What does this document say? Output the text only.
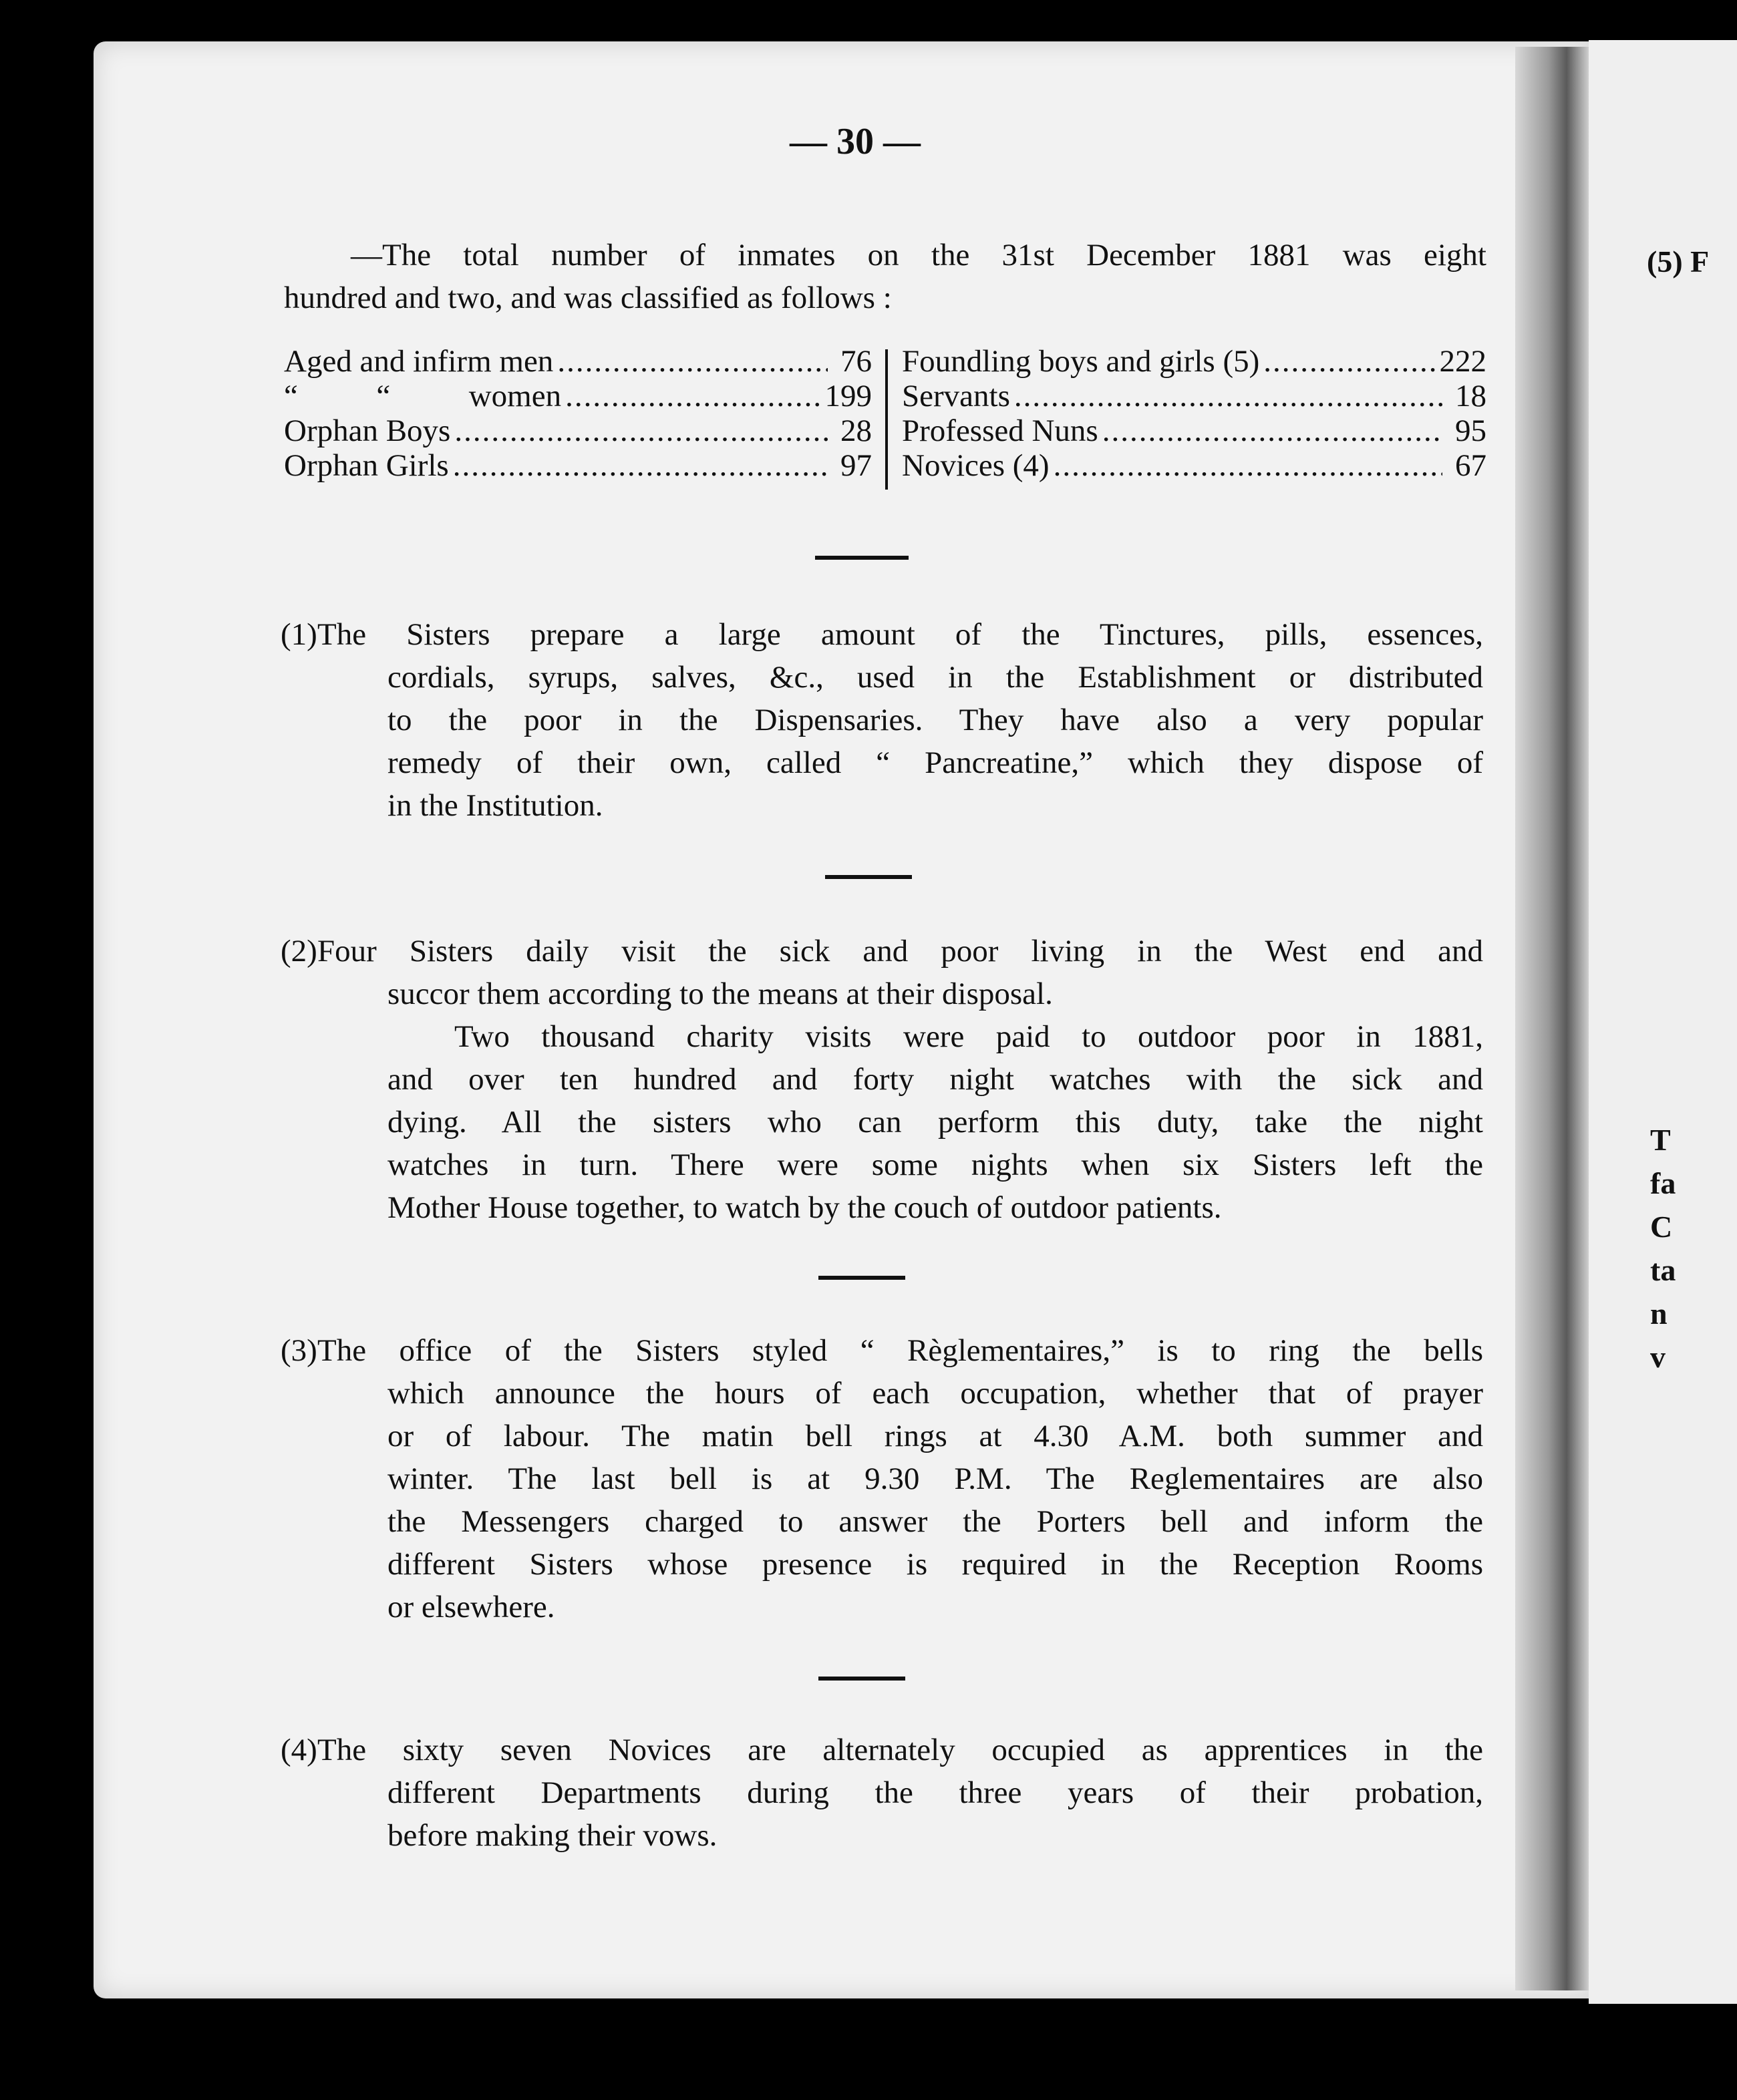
(5) F
T
fa
C
ta
n
v
— 30 —
—The total number of inmates on the 31st December 1881 was eight
hundred and two, and was classified as follows :
Aged and infirm men .....	76
“          “          women .....	199
Orphan Boys .....	28
Orphan Girls .....	97
Foundling boys and girls (5) .....	222
Servants .....	18
Professed Nuns .....	95
Novices (4) .....	67
(1) The Sisters prepare a large amount of the Tinctures, pills, essences,
cordials, syrups, salves, &c., used in the Establishment or distributed
to the poor in the Dispensaries. They have also a very popular
remedy of their own, called “ Pancreatine,” which they dispose of
in the Institution.
(2) Four Sisters daily visit the sick and poor living in the West end and
succor them according to the means at their disposal.
Two thousand charity visits were paid to outdoor poor in 1881,
and over ten hundred and forty night watches with the sick and
dying. All the sisters who can perform this duty, take the night
watches in turn. There were some nights when six Sisters left the
Mother House together, to watch by the couch of outdoor patients.
(3) The office of the Sisters styled “ Règlementaires,” is to ring the bells
which announce the hours of each occupation, whether that of prayer
or of labour. The matin bell rings at 4.30 A.M. both summer and
winter. The last bell is at 9.30 P.M. The Reglementaires are also
the Messengers charged to answer the Porters bell and inform the
different Sisters whose presence is required in the Reception Rooms
or elsewhere.
(4) The sixty seven Novices are alternately occupied as apprentices in the
different Departments during the three years of their probation,
before making their vows.
